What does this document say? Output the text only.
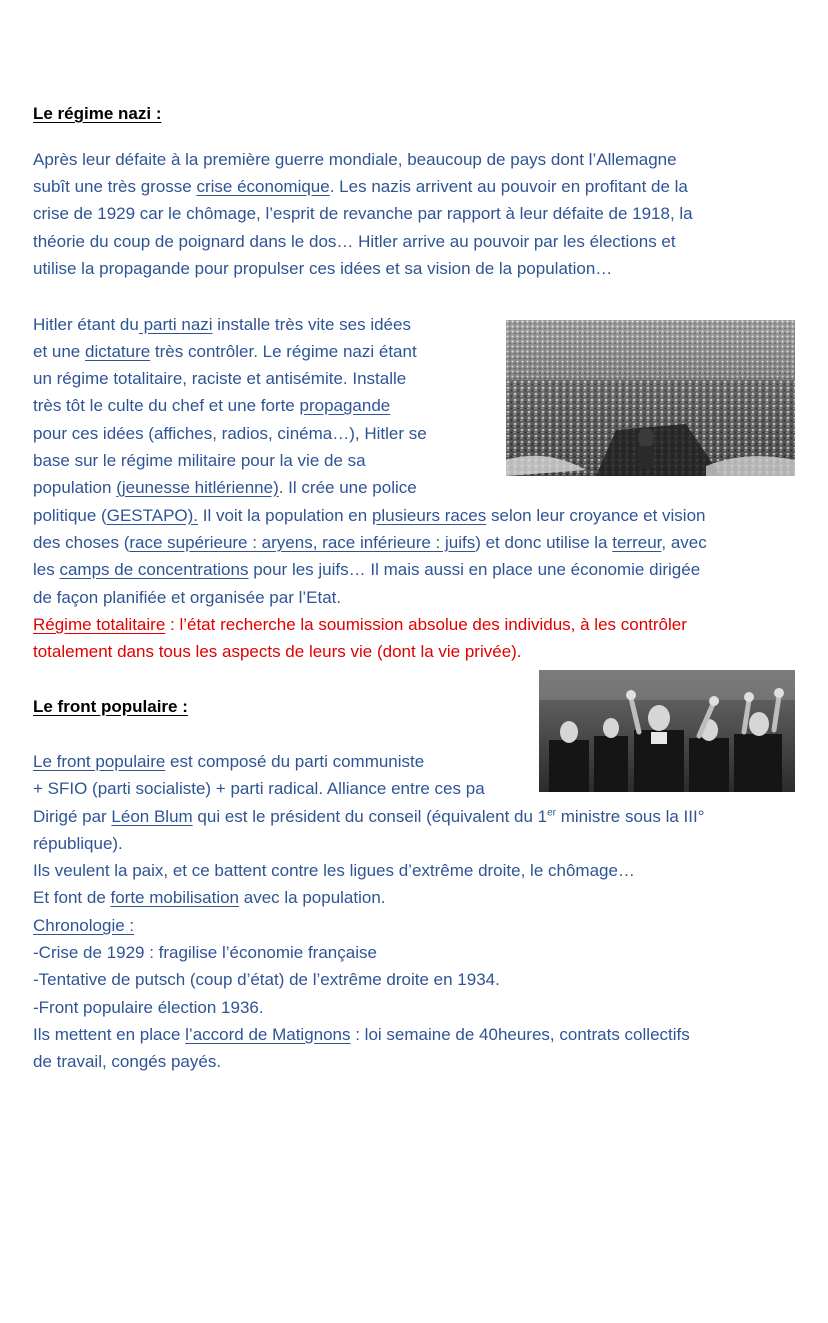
Le régime nazi :
Après leur défaite à la première guerre mondiale, beaucoup de pays dont l’Allemagne
subît une très grosse crise économique. Les nazis arrivent au pouvoir en profitant de la
crise de 1929 car le chômage, l’esprit de revanche par rapport à leur défaite de 1918, la
théorie du coup de poignard dans le dos… Hitler arrive au pouvoir par les élections et
utilise la propagande pour propulser ces idées et sa vision de la population…
Hitler étant du parti nazi installe très vite ses idées
et une dictature très contrôler. Le régime nazi étant
un régime totalitaire, raciste et antisémite. Installe
très tôt le culte du chef et une forte propagande
pour ces idées (affiches, radios, cinéma…), Hitler se
base sur le régime militaire pour la vie de sa
population (jeunesse hitlérienne). Il crée une police
politique (GESTAPO). Il voit la population en plusieurs races selon leur croyance et vision
des choses (race supérieure : aryens, race inférieure : juifs) et donc utilise la terreur, avec
les camps de concentrations pour les juifs… Il mais aussi en place une économie dirigée
de façon planifiée et organisée par l’Etat.
Régime totalitaire : l’état recherche la soumission absolue des individus, à les contrôler
totalement dans tous les aspects de leurs vie (dont la vie privée).
Le front populaire :
Le front populaire est composé du parti communiste
+ SFIO (parti socialiste) + parti radical. Alliance entre ces pa
Dirigé par Léon Blum qui est le président du conseil (équivalent du 1er ministre sous la III°
république).
Ils veulent la paix, et ce battent contre les ligues d’extrême droite, le chômage…
Et font de forte mobilisation avec la population.
Chronologie :
-Crise de 1929 : fragilise l’économie française
-Tentative de putsch (coup d’état) de l’extrême droite en 1934.
-Front populaire élection 1936.
Ils mettent en place l’accord de Matignons : loi semaine de 40heures, contrats collectifs
de travail, congés payés.
